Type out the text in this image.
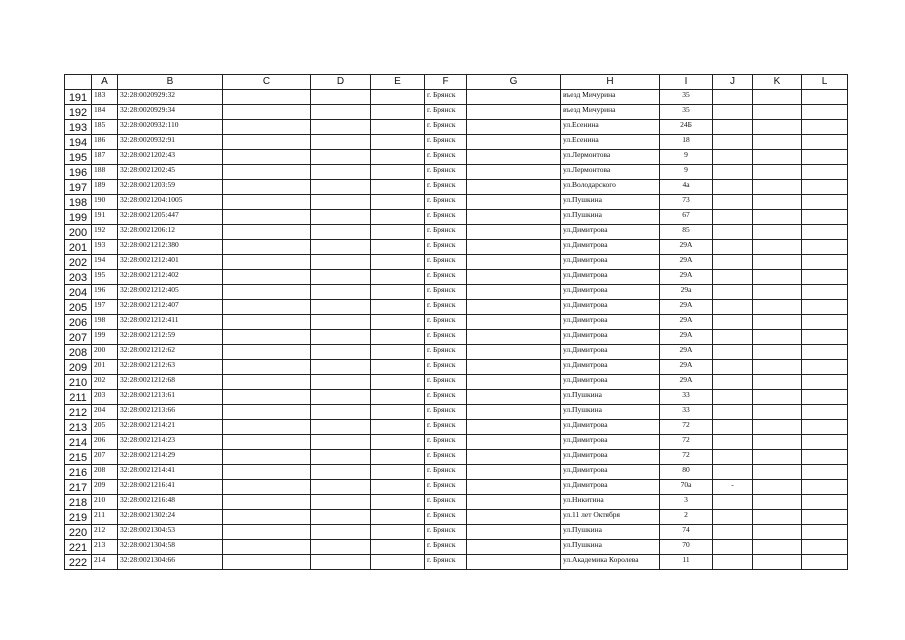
	A	B	C	D	E	F	G	H	I	J	K	L
191	183	32:28:0020929:32				г. Брянск		въезд Мичурина	35			
192	184	32:28:0020929:34				г. Брянск		въезд Мичурина	35			
193	185	32:28:0020932:110				г. Брянск		ул.Есенина	24Б			
194	186	32:28:0020932:91				г. Брянск		ул.Есенина	18			
195	187	32:28:0021202:43				г. Брянск		ул.Лермонтова	9			
196	188	32:28:0021202:45				г. Брянск		ул.Лермонтова	9			
197	189	32:28:0021203:59				г. Брянск		ул.Володарского	4а			
198	190	32:28:0021204:1005				г. Брянск		ул.Пушкина	73			
199	191	32:28:0021205:447				г. Брянск		ул.Пушкина	67			
200	192	32:28:0021206:12				г. Брянск		ул.Димитрова	85			
201	193	32:28:0021212:380				г. Брянск		ул.Димитрова	29А			
202	194	32:28:0021212:401				г. Брянск		ул.Димитрова	29А			
203	195	32:28:0021212:402				г. Брянск		ул.Димитрова	29А			
204	196	32:28:0021212:405				г. Брянск		ул.Димитрова	29а			
205	197	32:28:0021212:407				г. Брянск		ул.Димитрова	29А			
206	198	32:28:0021212:411				г. Брянск		ул.Димитрова	29А			
207	199	32:28:0021212:59				г. Брянск		ул.Димитрова	29А			
208	200	32:28:0021212:62				г. Брянск		ул.Димитрова	29А			
209	201	32:28:0021212:63				г. Брянск		ул.Димитрова	29А			
210	202	32:28:0021212:68				г. Брянск		ул.Димитрова	29А			
211	203	32:28:0021213:61				г. Брянск		ул.Пушкина	33			
212	204	32:28:0021213:66				г. Брянск		ул.Пушкина	33			
213	205	32:28:0021214:21				г. Брянск		ул.Димитрова	72			
214	206	32:28:0021214:23				г. Брянск		ул.Димитрова	72			
215	207	32:28:0021214:29				г. Брянск		ул.Димитрова	72			
216	208	32:28:0021214:41				г. Брянск		ул.Димитрова	80			
217	209	32:28:0021216:41				г. Брянск		ул.Димитрова	70а	-		
218	210	32:28:0021216:48				г. Брянск		ул.Никитина	3			
219	211	32:28:0021302:24				г. Брянск		ул.11 лет Октября	2			
220	212	32:28:0021304:53				г. Брянск		ул.Пушкина	74			
221	213	32:28:0021304:58				г. Брянск		ул.Пушкина	70			
222	214	32:28:0021304:66				г. Брянск		ул.Академика Королева	11			
